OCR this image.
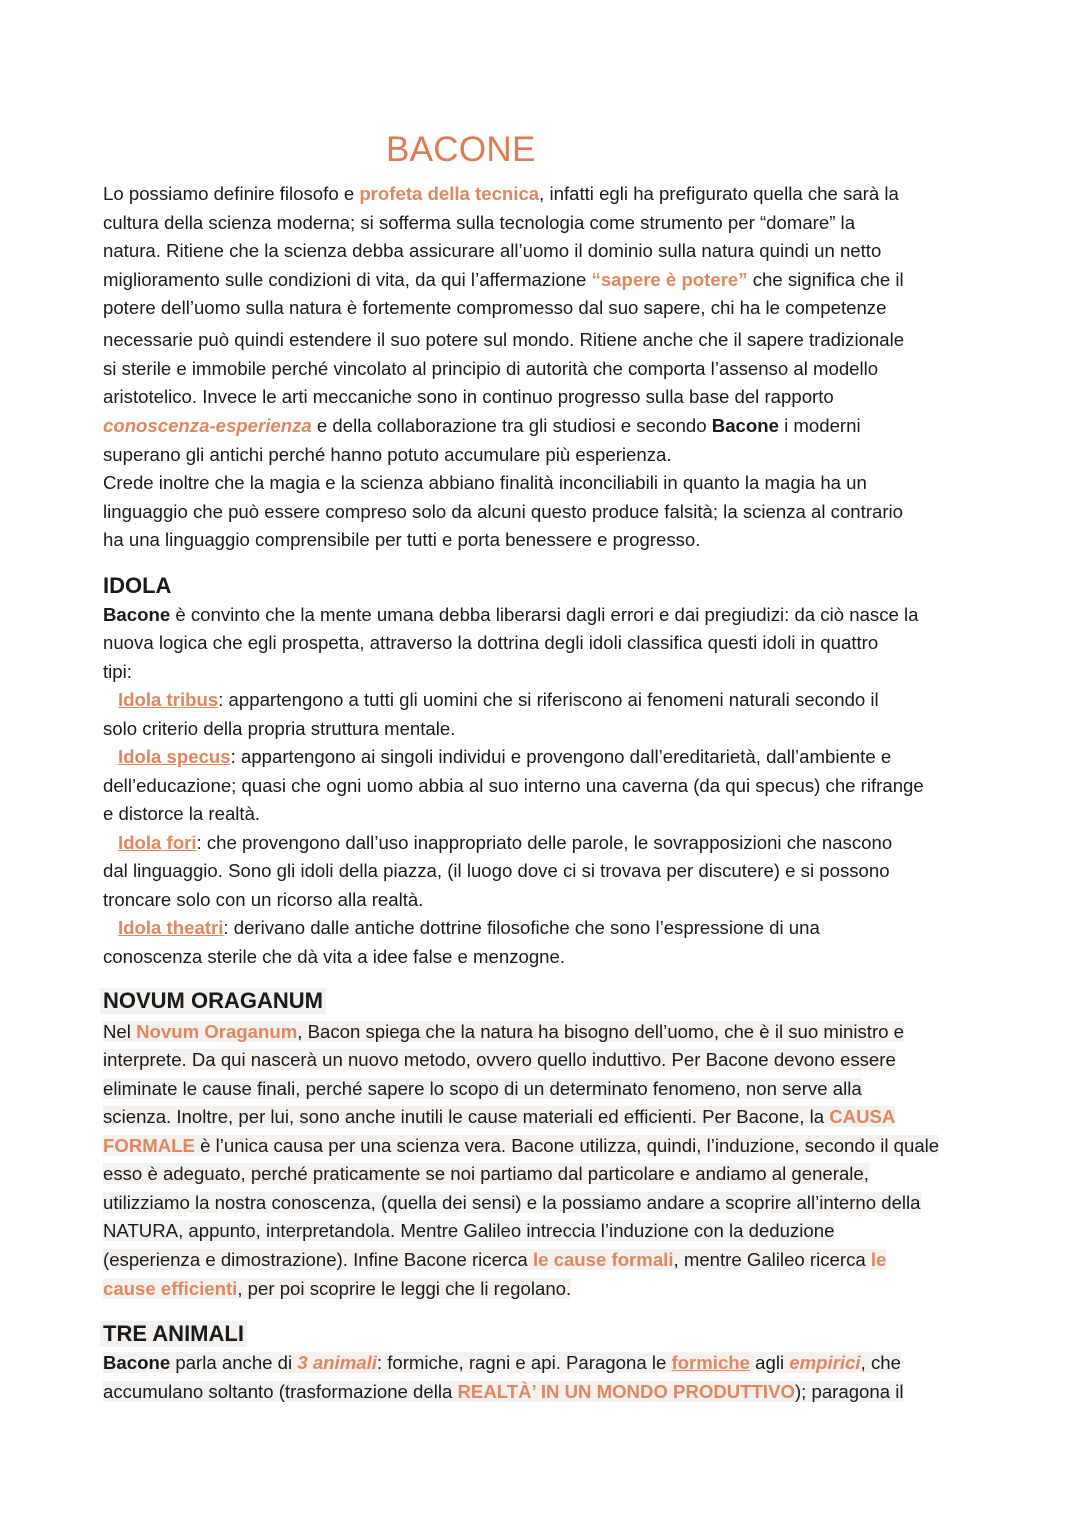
BACONE
Lo possiamo definire filosofo e profeta della tecnica, infatti egli ha prefigurato quella che sarà la
cultura della scienza moderna; si sofferma sulla tecnologia come strumento per “domare” la
natura. Ritiene che la scienza debba assicurare all’uomo il dominio sulla natura quindi un netto
miglioramento sulle condizioni di vita, da qui l’affermazione “sapere è potere” che significa che il
potere dell’uomo sulla natura è fortemente compromesso dal suo sapere, chi ha le competenze
necessarie può quindi estendere il suo potere sul mondo. Ritiene anche che il sapere tradizionale
si sterile e immobile perché vincolato al principio di autorità che comporta l’assenso al modello
aristotelico. Invece le arti meccaniche sono in continuo progresso sulla base del rapporto
conoscenza-esperienza e della collaborazione tra gli studiosi e secondo Bacone i moderni
superano gli antichi perché hanno potuto accumulare più esperienza.
Crede inoltre che la magia e la scienza abbiano finalità inconciliabili in quanto la magia ha un
linguaggio che può essere compreso solo da alcuni questo produce falsità; la scienza al contrario
ha una linguaggio comprensibile per tutti e porta benessere e progresso.
IDOLA
Bacone è convinto che la mente umana debba liberarsi dagli errori e dai pregiudizi: da ciò nasce la
nuova logica che egli prospetta, attraverso la dottrina degli idoli classifica questi idoli in quattro
tipi:
Idola tribus: appartengono a tutti gli uomini che si riferiscono ai fenomeni naturali secondo il
solo criterio della propria struttura mentale.
Idola specus: appartengono ai singoli individui e provengono dall’ereditarietà, dall’ambiente e
dell’educazione; quasi che ogni uomo abbia al suo interno una caverna (da qui specus) che rifrange
e distorce la realtà.
Idola fori: che provengono dall’uso inappropriato delle parole, le sovrapposizioni che nascono
dal linguaggio. Sono gli idoli della piazza, (il luogo dove ci si trovava per discutere) e si possono
troncare solo con un ricorso alla realtà.
Idola theatri: derivano dalle antiche dottrine filosofiche che sono l’espressione di una
conoscenza sterile che dà vita a idee false e menzogne.
NOVUM ORAGANUM
Nel Novum Oraganum, Bacon spiega che la natura ha bisogno dell’uomo, che è il suo ministro e
interprete. Da qui nascerà un nuovo metodo, ovvero quello induttivo. Per Bacone devono essere
eliminate le cause finali, perché sapere lo scopo di un determinato fenomeno, non serve alla
scienza. Inoltre, per lui, sono anche inutili le cause materiali ed efficienti. Per Bacone, la CAUSA
FORMALE è l’unica causa per una scienza vera. Bacone utilizza, quindi, l’induzione, secondo il quale
esso è adeguato, perché praticamente se noi partiamo dal particolare e andiamo al generale,
utilizziamo la nostra conoscenza, (quella dei sensi) e la possiamo andare a scoprire all’interno della
NATURA, appunto, interpretandola. Mentre Galileo intreccia l’induzione con la deduzione
(esperienza e dimostrazione). Infine Bacone ricerca le cause formali, mentre Galileo ricerca le
cause efficienti, per poi scoprire le leggi che li regolano.
TRE ANIMALI
Bacone parla anche di 3 animali: formiche, ragni e api. Paragona le formiche agli empirici, che
accumulano soltanto (trasformazione della REALTÀ’ IN UN MONDO PRODUTTIVO); paragona il
